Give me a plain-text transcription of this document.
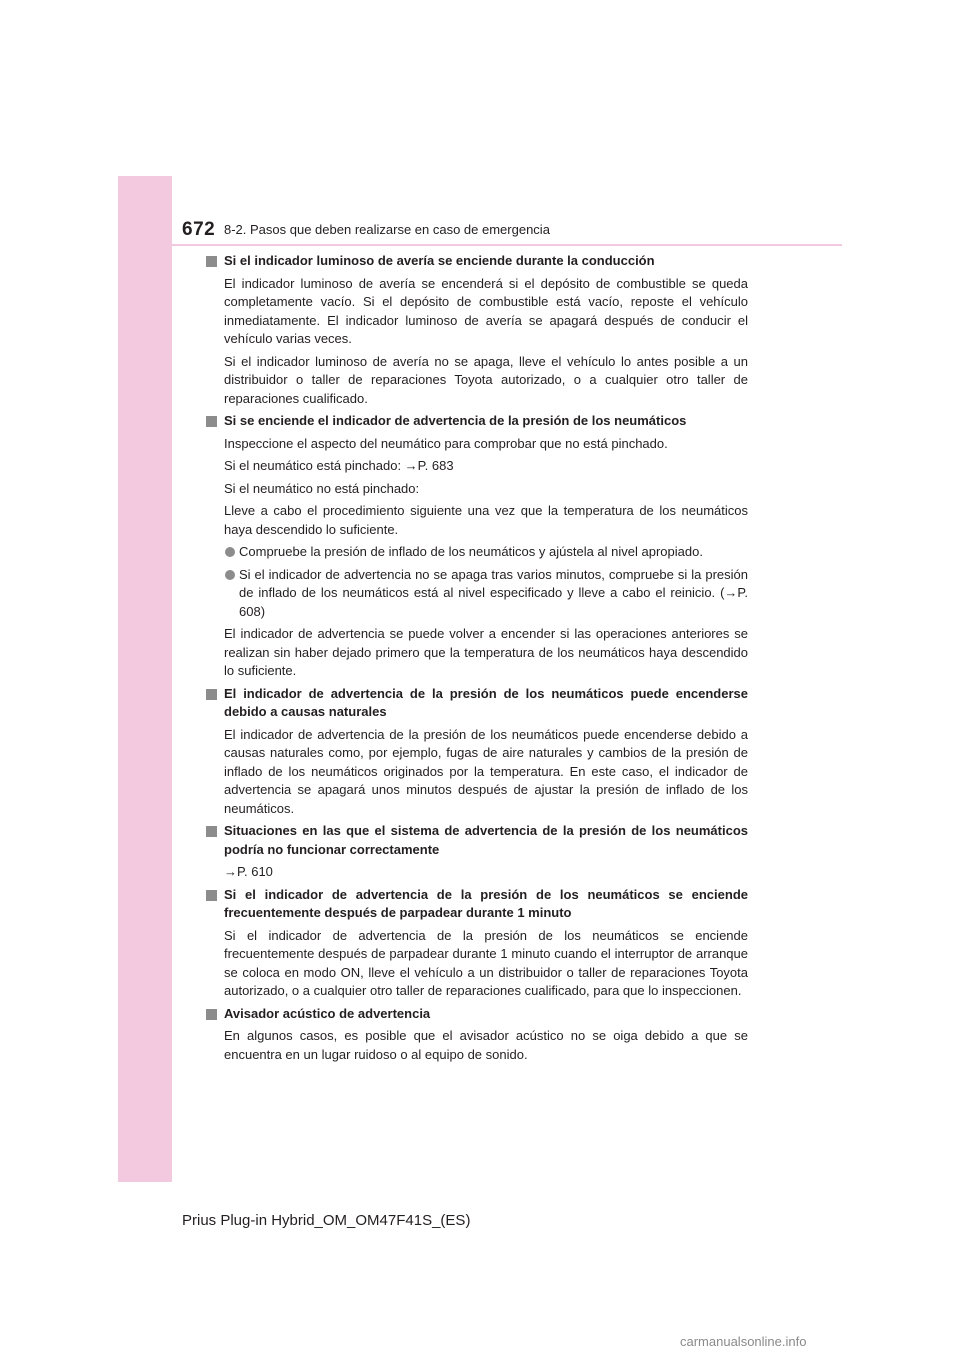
672 8-2. Pasos que deben realizarse en caso de emergencia
Si el indicador luminoso de avería se enciende durante la conducción

El indicador luminoso de avería se encenderá si el depósito de combustible se queda completamente vacío. Si el depósito de combustible está vacío, reposte el vehículo inmediatamente. El indicador luminoso de avería se apagará después de conducir el vehículo varias veces.

Si el indicador luminoso de avería no se apaga, lleve el vehículo lo antes posible a un distribuidor o taller de reparaciones Toyota autorizado, o a cualquier otro taller de reparaciones cualificado.

Si se enciende el indicador de advertencia de la presión de los neumáticos

Inspeccione el aspecto del neumático para comprobar que no está pinchado.

Si el neumático está pinchado: →P. 683

Si el neumático no está pinchado:

Lleve a cabo el procedimiento siguiente una vez que la temperatura de los neumáticos haya descendido lo suficiente.

Compruebe la presión de inflado de los neumáticos y ajústela al nivel apropiado.
Si el indicador de advertencia no se apaga tras varios minutos, compruebe si la presión de inflado de los neumáticos está al nivel especificado y lleve a cabo el reinicio. (→P. 608)

El indicador de advertencia se puede volver a encender si las operaciones anteriores se realizan sin haber dejado primero que la temperatura de los neumáticos haya descendido lo suficiente.

El indicador de advertencia de la presión de los neumáticos puede encenderse debido a causas naturales

El indicador de advertencia de la presión de los neumáticos puede encenderse debido a causas naturales como, por ejemplo, fugas de aire naturales y cambios de la presión de inflado de los neumáticos originados por la temperatura. En este caso, el indicador de advertencia se apagará unos minutos después de ajustar la presión de inflado de los neumáticos.

Situaciones en las que el sistema de advertencia de la presión de los neumáticos podría no funcionar correctamente

→P. 610

Si el indicador de advertencia de la presión de los neumáticos se enciende frecuentemente después de parpadear durante 1 minuto

Si el indicador de advertencia de la presión de los neumáticos se enciende frecuentemente después de parpadear durante 1 minuto cuando el interruptor de arranque se coloca en modo ON, lleve el vehículo a un distribuidor o taller de reparaciones Toyota autorizado, o a cualquier otro taller de reparaciones cualificado, para que lo inspeccionen.

Avisador acústico de advertencia

En algunos casos, es posible que el avisador acústico no se oiga debido a que se encuentra en un lugar ruidoso o al equipo de sonido.

Prius Plug-in Hybrid_OM_OM47F41S_(ES)
carmanualsonline.info
